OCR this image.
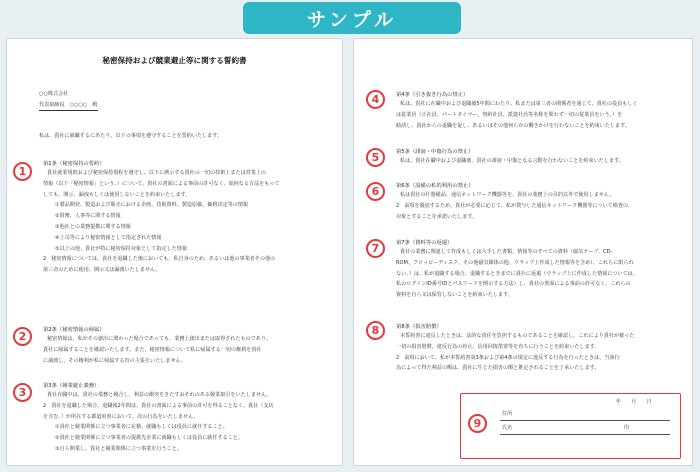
サンプル
秘密保持および競業避止等に関する誓約書
○○株式会社
代表取締役　○○○○　殿
私は、貴社に就職するにあたり、以下の事項を遵守することを誓約いたします。
1
第1条（秘密保持の誓約）
貴社就業規則および秘密保持規程を遵守し、以下に例示する貴社の一切の技術上または営業上の
情報（以下「秘密情報」という。）について、貴社の書面による事前の許可なく、如何なる方法をもって
しても、開示、漏洩もしくは使用しないことを約束いたします。
①製品開発、製造および販売における企画、技術資料、製造原価、価格決定等の情報
②財務、人事等に関する情報
③他社との業務提携に関する情報
④上司等により秘密情報として指定された情報
⑤以上の他、貴社が特に秘密保持対象として指定した情報
2　秘密情報については、貴社を退職した後においても、私自身のため、あるいは他の事業者その他の
第三者のために使用、開示又は漏洩いたしません。
2	第2条（秘密情報の帰属）
秘密情報は、私がその創出に関わった場合であっても、業務上創出または取得されたものであり、
貴社に帰属することを確認いたします。また、秘密情報について私に帰属する一切の権利を貴社
に譲渡し、その権利が私に帰属する旨の主張をいたしません。
3	第3条（競業避止義務）
貴社在職中は、貴社の業務と競合し、利益の衝突をきたすおそれのある競業取引をいたしません。
2　貴社を退職した場合、退職後2年間は、貴社の書面による事前の許可を得ることなく、貴社（支店
を含む。）が所在する都道府県において、次の行為をいたしません。
①貴社と競業関係に立つ事業者に在籍、就職もしくは役員に就任すること。
②貴社と競業関係に立つ事業者の提携先企業に就職もしくは役員に就任すること。
③自ら開業し、貴社と競業関係に立つ事業を行うこと。
4	第4条（引き抜き行為の禁止）
私は、貴社に在職中および退職後5年間にわたり、私または第三者の関係者を通じて、貴社の役員もしく
は従業員（正社員、パートタイマー、契約社員、派遣社員等名称を問わず一切の従業員をいう。）を
勧誘し、貴社からの退職を促し、あるいはその他何らかの働きかけを行わないことを約束いたします。
5	第5条（誹謗・中傷行為の禁止）
私は、貴社在職中および退職後、貴社の誹謗・中傷となる言動を行わないことを約束いたします。
6	第6条（設備の私的利用の禁止）
私は貴社の什器備品、通信ネットワーク機器等を、貴社の業務上の目的以外で使用しません。
2　前項を徹底するため、貴社が必要に応じて、私が貸与した通信ネットワーク機器等について検査の
対象とすることを承諾いたします。
7	第7条（資料等の返還）
貴社の業務に関連して作成もしくは入手した書類、情報等のすべての資料（磁気テープ、CD-
ROM、フロッピーディスク、その他磁気媒体の他、ウラップ上作成した情報等を含め）、これらに限られ
ない。）は、私が退職する場合、退職するときまでに貴社に返還（ウラップ上に作成した情報については、
私のログインID番号IDとパスワードを開示する方法）し、貴社の書面による事前の許可なく、これらの
資料を自ら又は保管しないことを約束いたします。
8	第8条（損害賠償）
本誓約書に違反したときは、法的な責任を負担するものであることを確認し、これにより貴社が被った
一切の損害賠償、違反行為の停止、信用回復措置等を直ちに行うことを約束いたします。
2　前項において、私が本誓約書第3条および第4条の規定に違反する行為を行ったときは、当該行
為によって得た利益の額は、貴社に生じた損害の額と推定されることを了承いたします。
9
年　　月　　日
住所
氏名	印
